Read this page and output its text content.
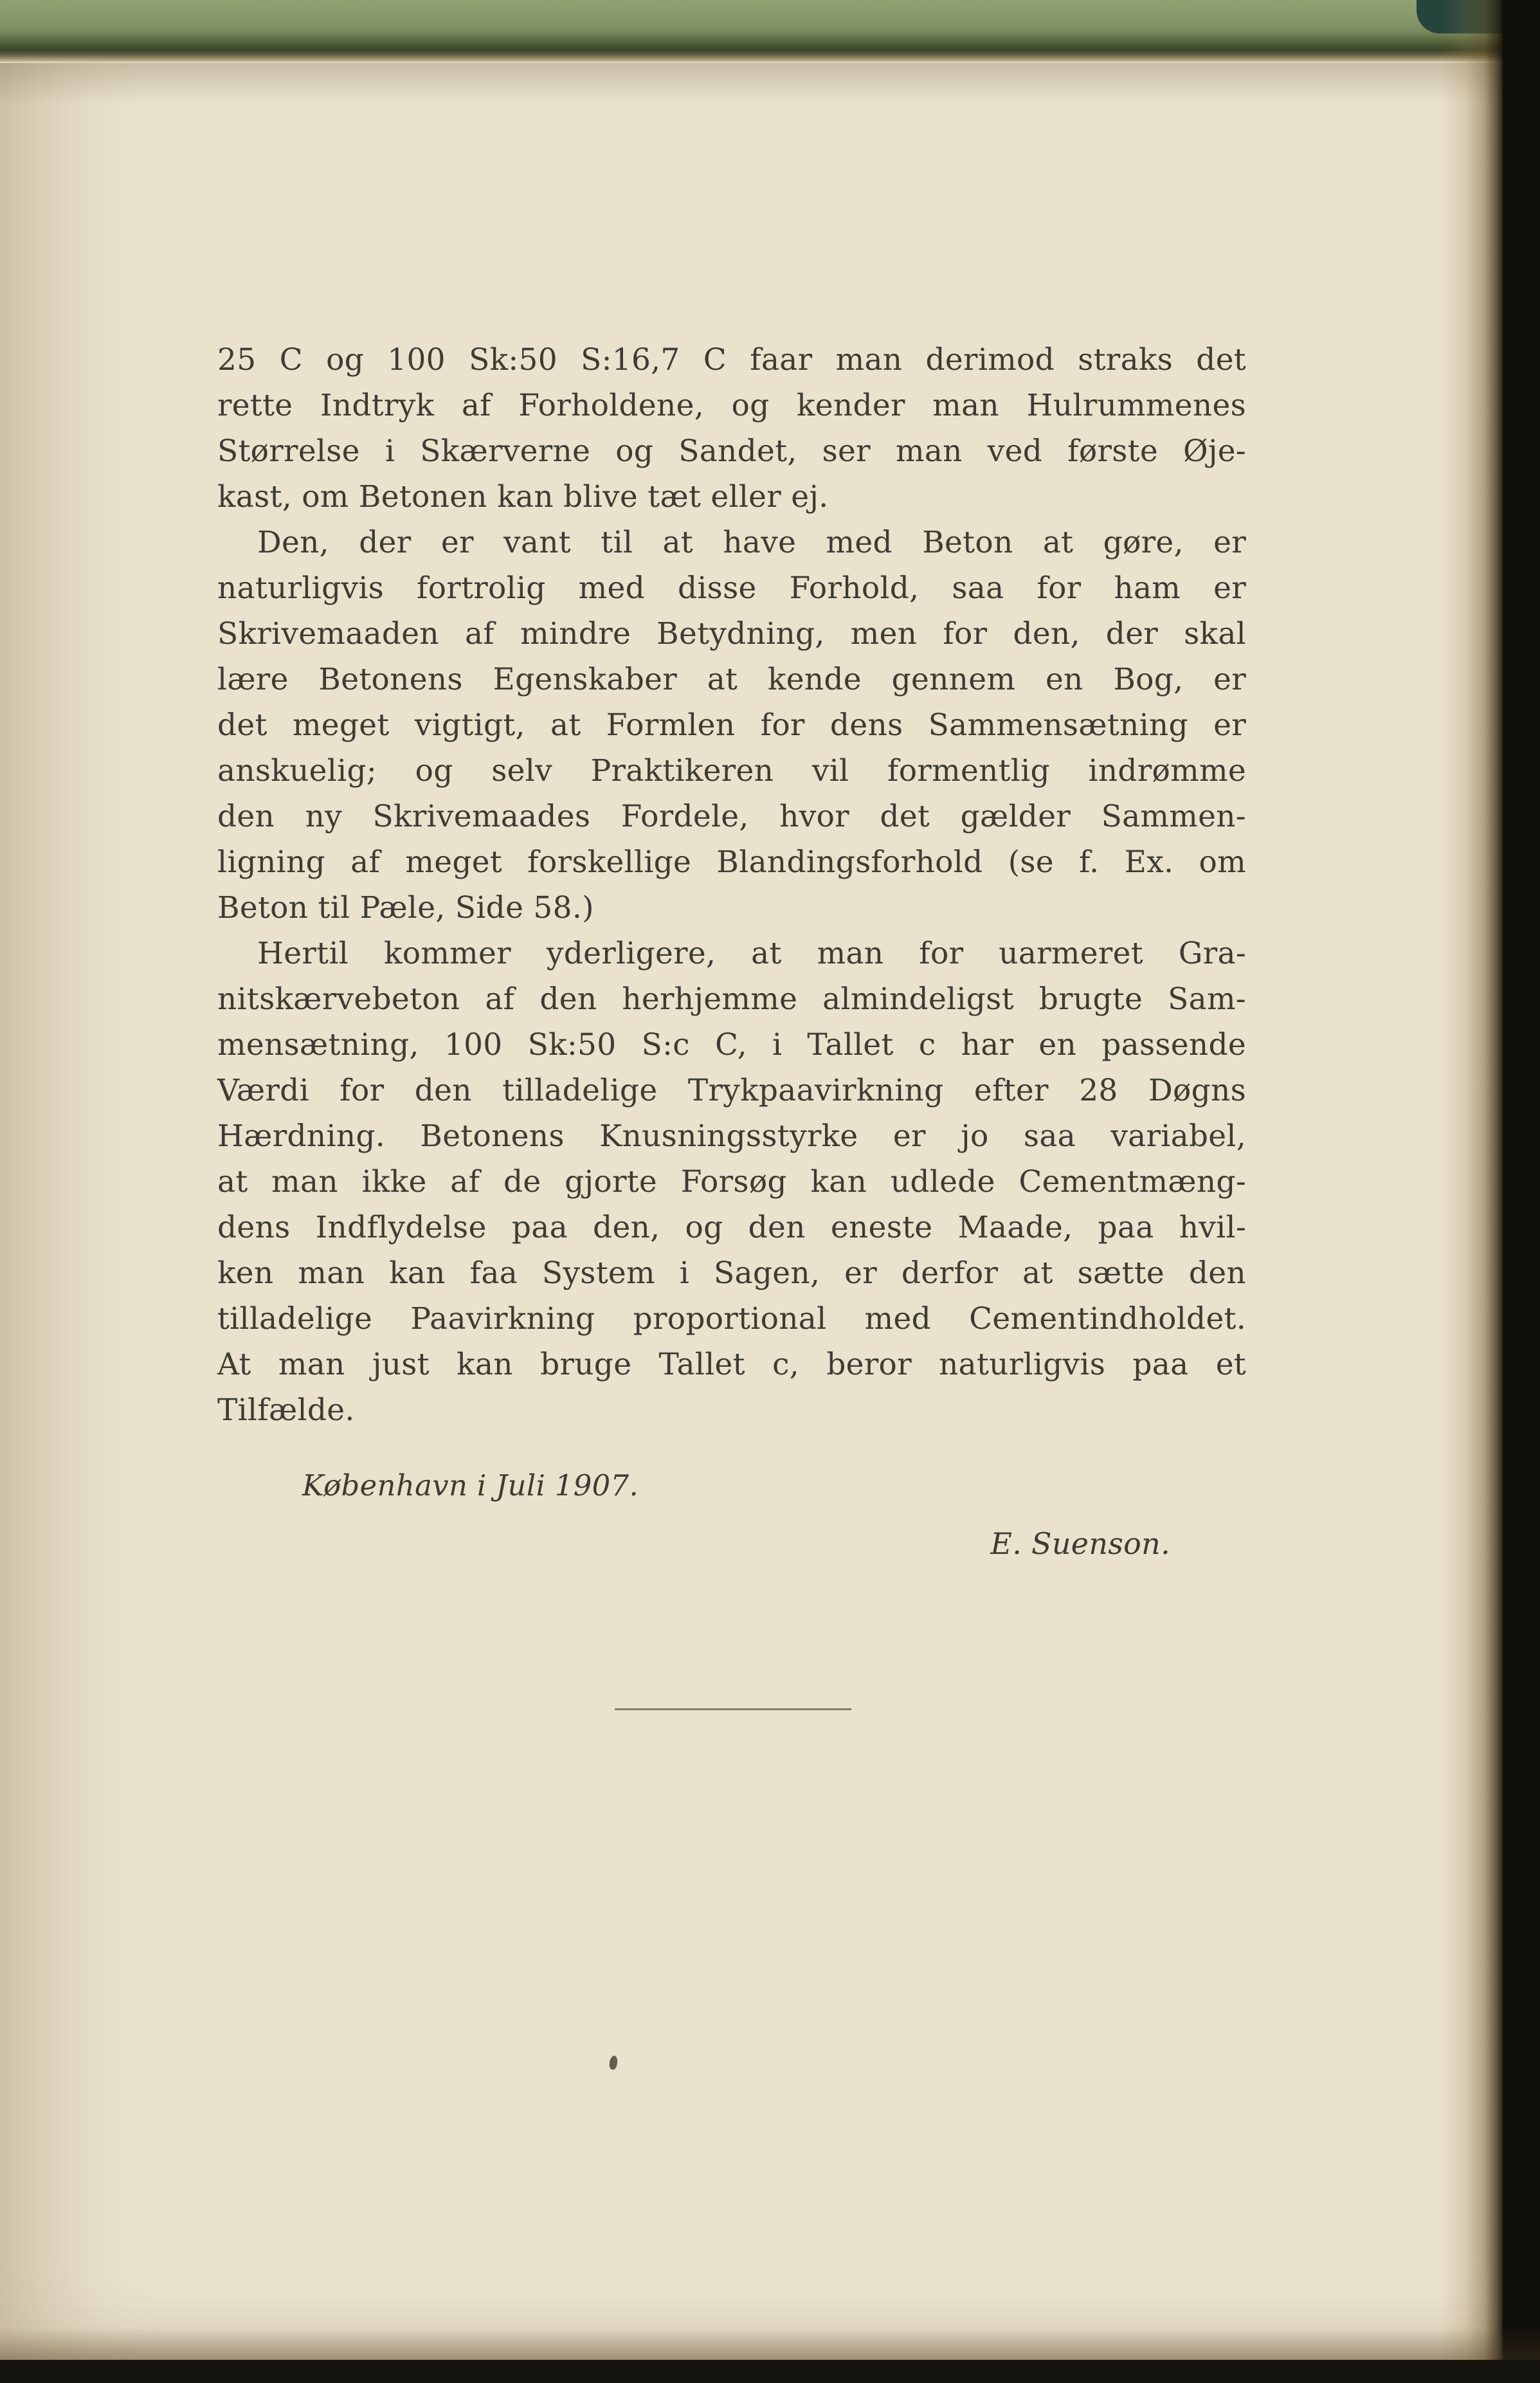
25 C og 100 Sk:50 S:16,7 C faar man derimod straks det
rette Indtryk af Forholdene, og kender man Hulrummenes
Størrelse i Skærverne og Sandet, ser man ved første Øje-
kast, om Betonen kan blive tæt eller ej.
Den, der er vant til at have med Beton at gøre, er
naturligvis fortrolig med disse Forhold, saa for ham er
Skrivemaaden af mindre Betydning, men for den, der skal
lære Betonens Egenskaber at kende gennem en Bog, er
det meget vigtigt, at Formlen for dens Sammensætning er
anskuelig; og selv Praktikeren vil formentlig indrømme
den ny Skrivemaades Fordele, hvor det gælder Sammen-
ligning af meget forskellige Blandingsforhold (se f. Ex. om
Beton til Pæle, Side 58.)
Hertil kommer yderligere, at man for uarmeret Gra-
nitskærvebeton af den herhjemme almindeligst brugte Sam-
mensætning, 100 Sk:50 S:c C, i Tallet c har en passende
Værdi for den tilladelige Trykpaavirkning efter 28 Døgns
Hærdning. Betonens Knusningsstyrke er jo saa variabel,
at man ikke af de gjorte Forsøg kan udlede Cementmæng-
dens Indflydelse paa den, og den eneste Maade, paa hvil-
ken man kan faa System i Sagen, er derfor at sætte den
tilladelige Paavirkning proportional med Cementindholdet.
At man just kan bruge Tallet c, beror naturligvis paa et
Tilfælde.
København i Juli 1907.
E. Suenson.
